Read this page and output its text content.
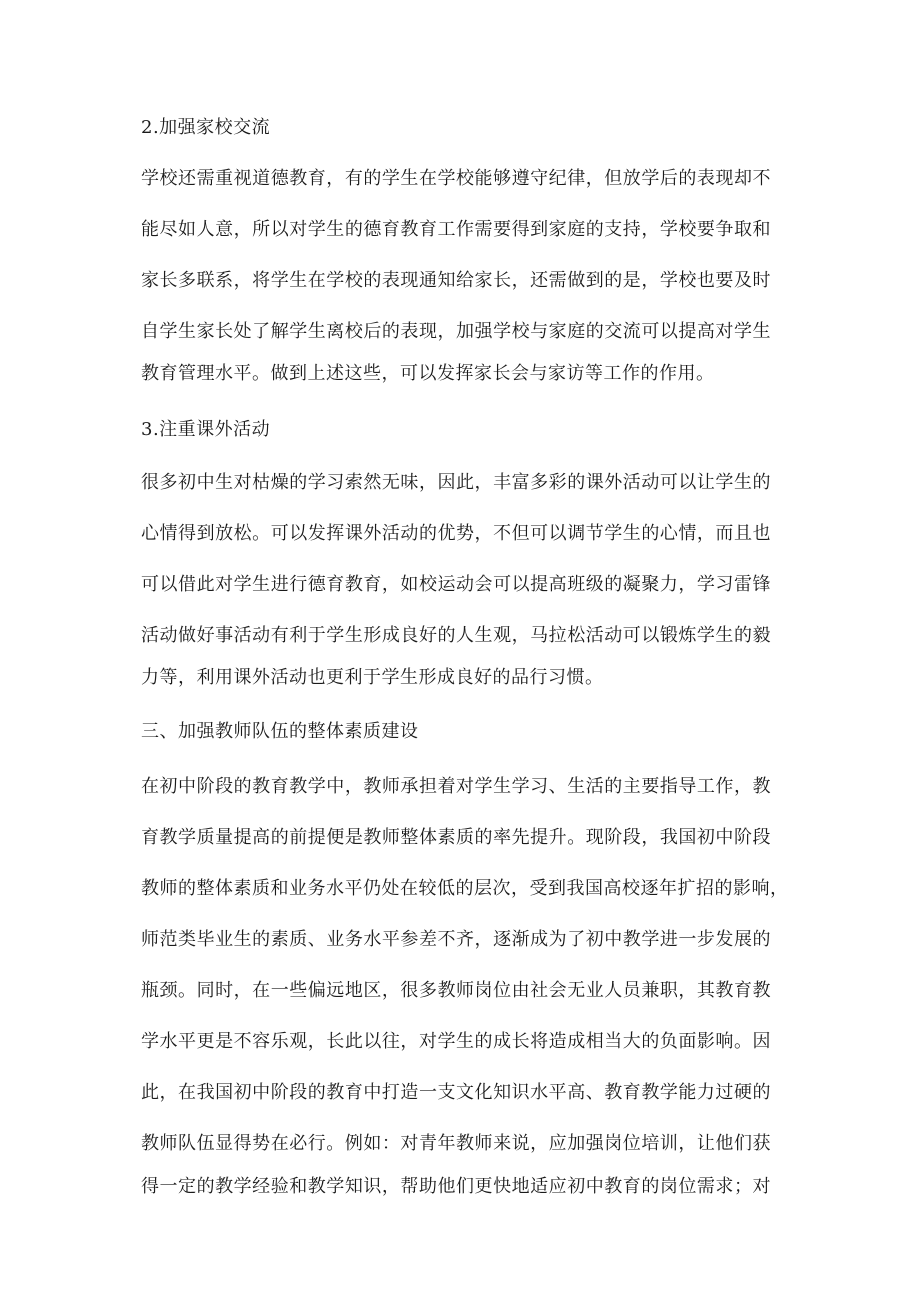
2.加强家校交流
学校还需重视道德教育，有的学生在学校能够遵守纪律，但放学后的表现却不
能尽如人意，所以对学生的德育教育工作需要得到家庭的支持，学校要争取和
家长多联系，将学生在学校的表现通知给家长，还需做到的是，学校也要及时
自学生家长处了解学生离校后的表现，加强学校与家庭的交流可以提高对学生
教育管理水平。做到上述这些，可以发挥家长会与家访等工作的作用。
3.注重课外活动
很多初中生对枯燥的学习索然无味，因此，丰富多彩的课外活动可以让学生的
心情得到放松。可以发挥课外活动的优势，不但可以调节学生的心情，而且也
可以借此对学生进行德育教育，如校运动会可以提高班级的凝聚力，学习雷锋
活动做好事活动有利于学生形成良好的人生观，马拉松活动可以锻炼学生的毅
力等，利用课外活动也更利于学生形成良好的品行习惯。
三、加强教师队伍的整体素质建设
在初中阶段的教育教学中，教师承担着对学生学习、生活的主要指导工作，教
育教学质量提高的前提便是教师整体素质的率先提升。现阶段，我国初中阶段
教师的整体素质和业务水平仍处在较低的层次，受到我国高校逐年扩招的影响，
师范类毕业生的素质、业务水平参差不齐，逐渐成为了初中教学进一步发展的
瓶颈。同时，在一些偏远地区，很多教师岗位由社会无业人员兼职，其教育教
学水平更是不容乐观，长此以往，对学生的成长将造成相当大的负面影响。因
此，在我国初中阶段的教育中打造一支文化知识水平高、教育教学能力过硬的
教师队伍显得势在必行。例如：对青年教师来说，应加强岗位培训，让他们获
得一定的教学经验和教学知识，帮助他们更快地适应初中教育的岗位需求；对
